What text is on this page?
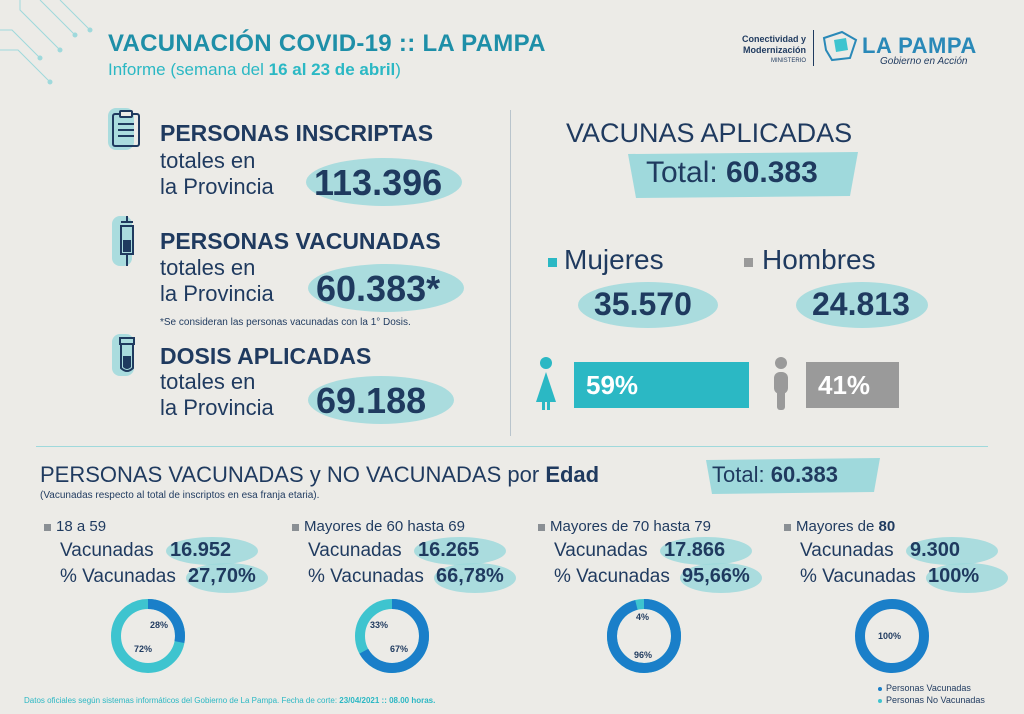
VACUNACIÓN COVID-19 :: LA PAMPA
Informe (semana del 16 al 23 de abril)
Conectividad y
Modernización
MINISTERIO
LA PAMPA
Gobierno en Acción
PERSONAS INSCRIPTAS
totales en
la Provincia 113.396
PERSONAS VACUNADAS
totales en
la Provincia 60.383*
*Se consideran las personas vacunadas con la 1° Dosis.
DOSIS APLICADAS
totales en
la Provincia 69.188
VACUNAS APLICADAS
Total: 60.383
Mujeres	Hombres
35.570	24.813
59%	41%
PERSONAS VACUNADAS y NO VACUNADAS por Edad	Total: 60.383
(Vacunadas respecto al total de inscriptos en esa franja etaria).
18 a 59
Vacunadas 16.952
% Vacunadas 27,70%
28%
72%
Mayores de 60 hasta 69
Vacunadas 16.265
% Vacunadas 66,78%
33%
67%
Mayores de 70 hasta 79
Vacunadas 17.866
% Vacunadas 95,66%
4%
96%
Mayores de 80
Vacunadas 9.300
% Vacunadas 100%
100%
Personas Vacunadas
Personas No Vacunadas
Datos oficiales según sistemas informáticos del Gobierno de La Pampa. Fecha de corte: 23/04/2021 :: 08.00 horas.
